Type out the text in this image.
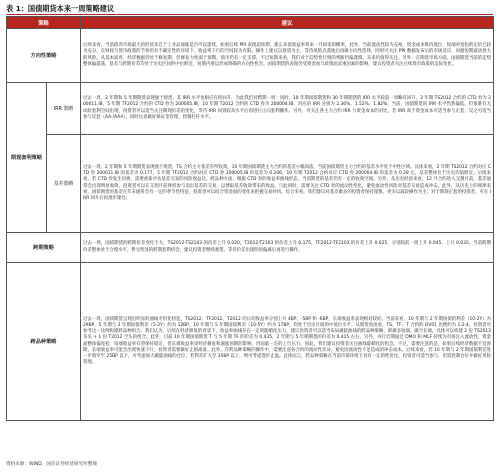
表 1：国债期货本来一周策略建议
策略		建议
方向性策略		后续来看，当前债券市场最大的担忧来自于工业品通胀是否可以延续，如果后续 PPI 表现超预期，那么来债收益率将来一月回追的概率，此外，当前流动性较为充裕，资金成本维持低位，短端对宽松的定价已较为充分，在财政与货币政策的节奏仍有不确定性的环境下，收益率下行的空间较为有限。操作上建议以观望为主，等待风险点落地后再做方向性选择，同时可关注 PPI 数据发布后的市场反应，回避短期波动放大的风险。从基本面看，经济数据仍处于修复期，但修复力度弱于预期，债市仍有一定支撑，不过短期来看，我们对于趋势性行情的判断仍偏谨慎，未来仍值得关注。另外，在期货市场方面，国债期货当前的走势整体偏震荡，基差与跨期价差均处于历史区间的中位附近，短期内难以形成明确的方向性机会。国债期货的表现仍受资金面与政策面双重因素的影响，建议投资者关注后续货币政策的边际变化。
期现套利策略	IRR 策略	过去一周，2 年期和 5 年期期货表现强于现货，其 IRR 水平也相应有所回升，为此我们对跨期一周：同时，10 年期国债期货和 30 年期期货的 IRR 水平较前一周略有回升，2 年期 TS2012 合约的 CTD 券为 200011.IB，5 年期 TF2012 合约的 CTD 券为 200005.IB，10 年期 T2012 合约的 CTD 券为 200004.IB，对应的 IRR 分别为 2.36%、1.52%、1.82%。当前，国债期货的 IRR 水平仍然偏低，但很难有无风险套利空间出现，投资者可以适当关注期现价差的变化，等待 IRR 回到较高水平后再进行正向套利操作。另外，可关注各主力合约 IRR 与资金成本的对比，若 IRR 高于资金成本可适当参与正套，反之可适当参与反套（AA-/AAA），同时注意做好保证金管理，控制杠杆水平。
	基差策略	过去一周，2 年期和 5 年期期货表现强于现货，TS 合约主力基差有所收敛，10 年期国债期货主力合约的基差小幅回落，当前国债期货主力合约的基差水平处于中性区域。具体来看，2 年期 TS2012 合约对应 CTD 券 200011.IB 的基差为 0.177，5 年期 TF2012 合约对应 CTD 券 200005.IB 的基差为 0.206，10 年期 T2012 合约对应 CTD 券 200004.IB 的基差为 0.28 元，基差整体位于历史均值附近。后续来看，若 CTD 券发生切换，需要重新评估基差交易的风险收益比。跨品种方面，根据 CTD 券的收益率曲线形态，当前期货的基差仍有一定的收敛空间。另外，从历史经验来看，12 月合约进入交割月前，基差通常会出现明显收敛，投资者可以在交割月前择机参与卖出基差的交易，以博取基差收敛带来的收益。与此同时，需要关注 CTD 券的流动性变化，避免流动性风险对基差交易造成冲击。此外，从历史上的规律来看，国债期货的基差在年末通常会有一定的季节性特征，投资者可以结合资金面的变化来把握交易时机。综合来看，我们建议对基差做多的投资者保持谨慎，更多以波段操作为主；对于期现正套的投资者，可在 IRR 回升后再逐步建仓。
跨期策略		过去一周，国债期货的跨期价差变化不大，TS2012-TS2103 的价差上升 0.020，T2012-T2103 的价差上升 0.175，TF2012-TF2103 的价差上升 0.025，分别较前一周上升 0.045、上升 0.035。当前跨期价差整体处于合理水平，暂无明显的跨期套利机会，建议投资者继续观望，等待价差出现明显偏离后再进行操作。
跨品种策略		过去一周，国债期货呈现出明显的曲线平坦化特征，TS2012、TF2012、T2012 的日均收益率分别上升 4BP、-5BP 和 -6BP，长端收益率表现相对较好。当前来看，10 年期与 2 年期国债的利差（10-2Y）为 29BP，5 年期与 2 年期国债利差（5-2Y）约为 12BP，10 年期与 5 年期国债利差（10-5Y）约为 17BP，均处于历史区间的中低位水平。从期货角度看，TS、TF、T 合约的 DV01 比例约为 1:2:4，投资者可参考这一比例构建跨品种组合。我们认为，后续在经济修复的背景下，收益率曲线存在一定的陡峭化压力，建议投资者可以适当布局做陡曲线的跨品种策略，即做多短端、做空长端，具体可以构建 2 份 TS2012 多头 + 1 份 T2012 空头的组合。此外，目前 10 年期国债期货 T 与 5 年期 TF 的价差为 0.435，2 年期与 5 年期期货的价差为 0.415 左右。另外，央行近期通过 OMO 和 MLF 持续为市场注入流动性，资金面整体偏宽松，短端收益率有望保持稳定，但长端收益率受经济修复和通胀预期的影响，仍面临一定的上行压力，因此，我们建议投资者关注曲线陡峭化的机会。不过，需要注意的是，如果后续经济数据不及预期，长端收益率可能会出现快速下行，投资者需要做好止损准备。此外，在跨品种策略的操作中，需要注意各合约的流动性差异，避免因流动性不足造成的冲击成本。后续来看，若 10 年期与 2 年期国债利差进一步收窄至 25BP 以下，可考虑加大做陡曲线的仓位；若利差扩大至 35BP 以上，则可考虑逐步止盈。总体而言，跨品种策略在当前市场环境下具有一定的性价比，投资者可适当参与，但需控制仓位并做好风险管理。
资料来源：WIND，国信证券经济研究所整理
